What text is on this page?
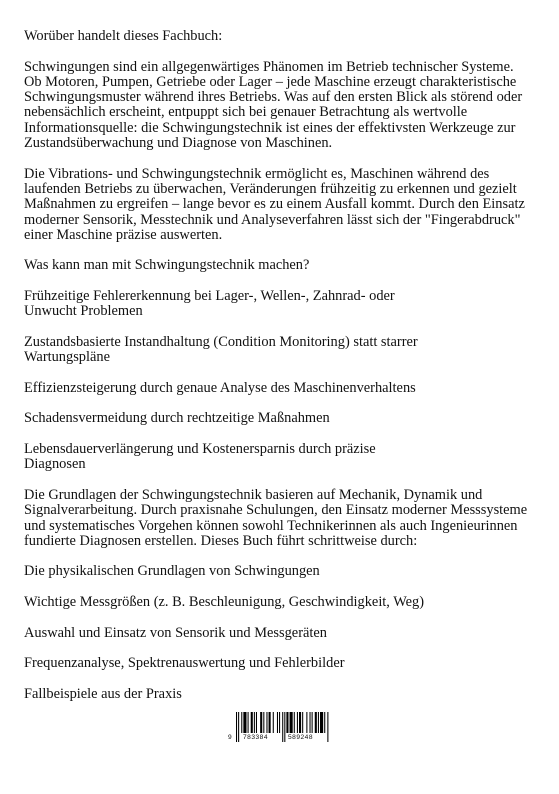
Worüber handelt dieses Fachbuch:

Schwingungen sind ein allgegenwärtiges Phänomen im Betrieb technischer Systeme. Ob Motoren, Pumpen, Getriebe oder Lager – jede Maschine erzeugt charakteristische Schwingungsmuster während ihres Betriebs. Was auf den ersten Blick als störend oder nebensächlich erscheint, entpuppt sich bei genauer Betrachtung als wertvolle Informationsquelle: die Schwingungstechnik ist eines der effektivsten Werkzeuge zur Zustandsüberwachung und Diagnose von Maschinen.

Die Vibrations- und Schwingungstechnik ermöglicht es, Maschinen während des laufenden Betriebs zu überwachen, Veränderungen frühzeitig zu erkennen und gezielt Maßnahmen zu ergreifen – lange bevor es zu einem Ausfall kommt. Durch den Einsatz moderner Sensorik, Messtechnik und Analyseverfahren lässt sich der "Fingerabdruck" einer Maschine präzise auswerten.

Was kann man mit Schwingungstechnik machen?

Frühzeitige Fehlererkennung bei Lager-, Wellen-, Zahnrad- oder Unwucht Problemen

Zustandsbasierte Instandhaltung (Condition Monitoring) statt starrer Wartungspläne

Effizienzsteigerung durch genaue Analyse des Maschinenverhaltens

Schadensvermeidung durch rechtzeitige Maßnahmen

Lebensdauerverlängerung und Kostenersparnis durch präzise Diagnosen

Die Grundlagen der Schwingungstechnik basieren auf Mechanik, Dynamik und Signalverarbeitung. Durch praxisnahe Schulungen, den Einsatz moderner Messsysteme und systematisches Vorgehen können sowohl Technikerinnen als auch Ingenieurinnen fundierte Diagnosen erstellen. Dieses Buch führt schrittweise durch:

Die physikalischen Grundlagen von Schwingungen

Wichtige Messgrößen (z. B. Beschleunigung, Geschwindigkeit, Weg)

Auswahl und Einsatz von Sensorik und Messgeräten

Frequenzanalyse, Spektrenauswertung und Fehlerbilder

Fallbeispiele aus der Praxis

9 783384	589248
